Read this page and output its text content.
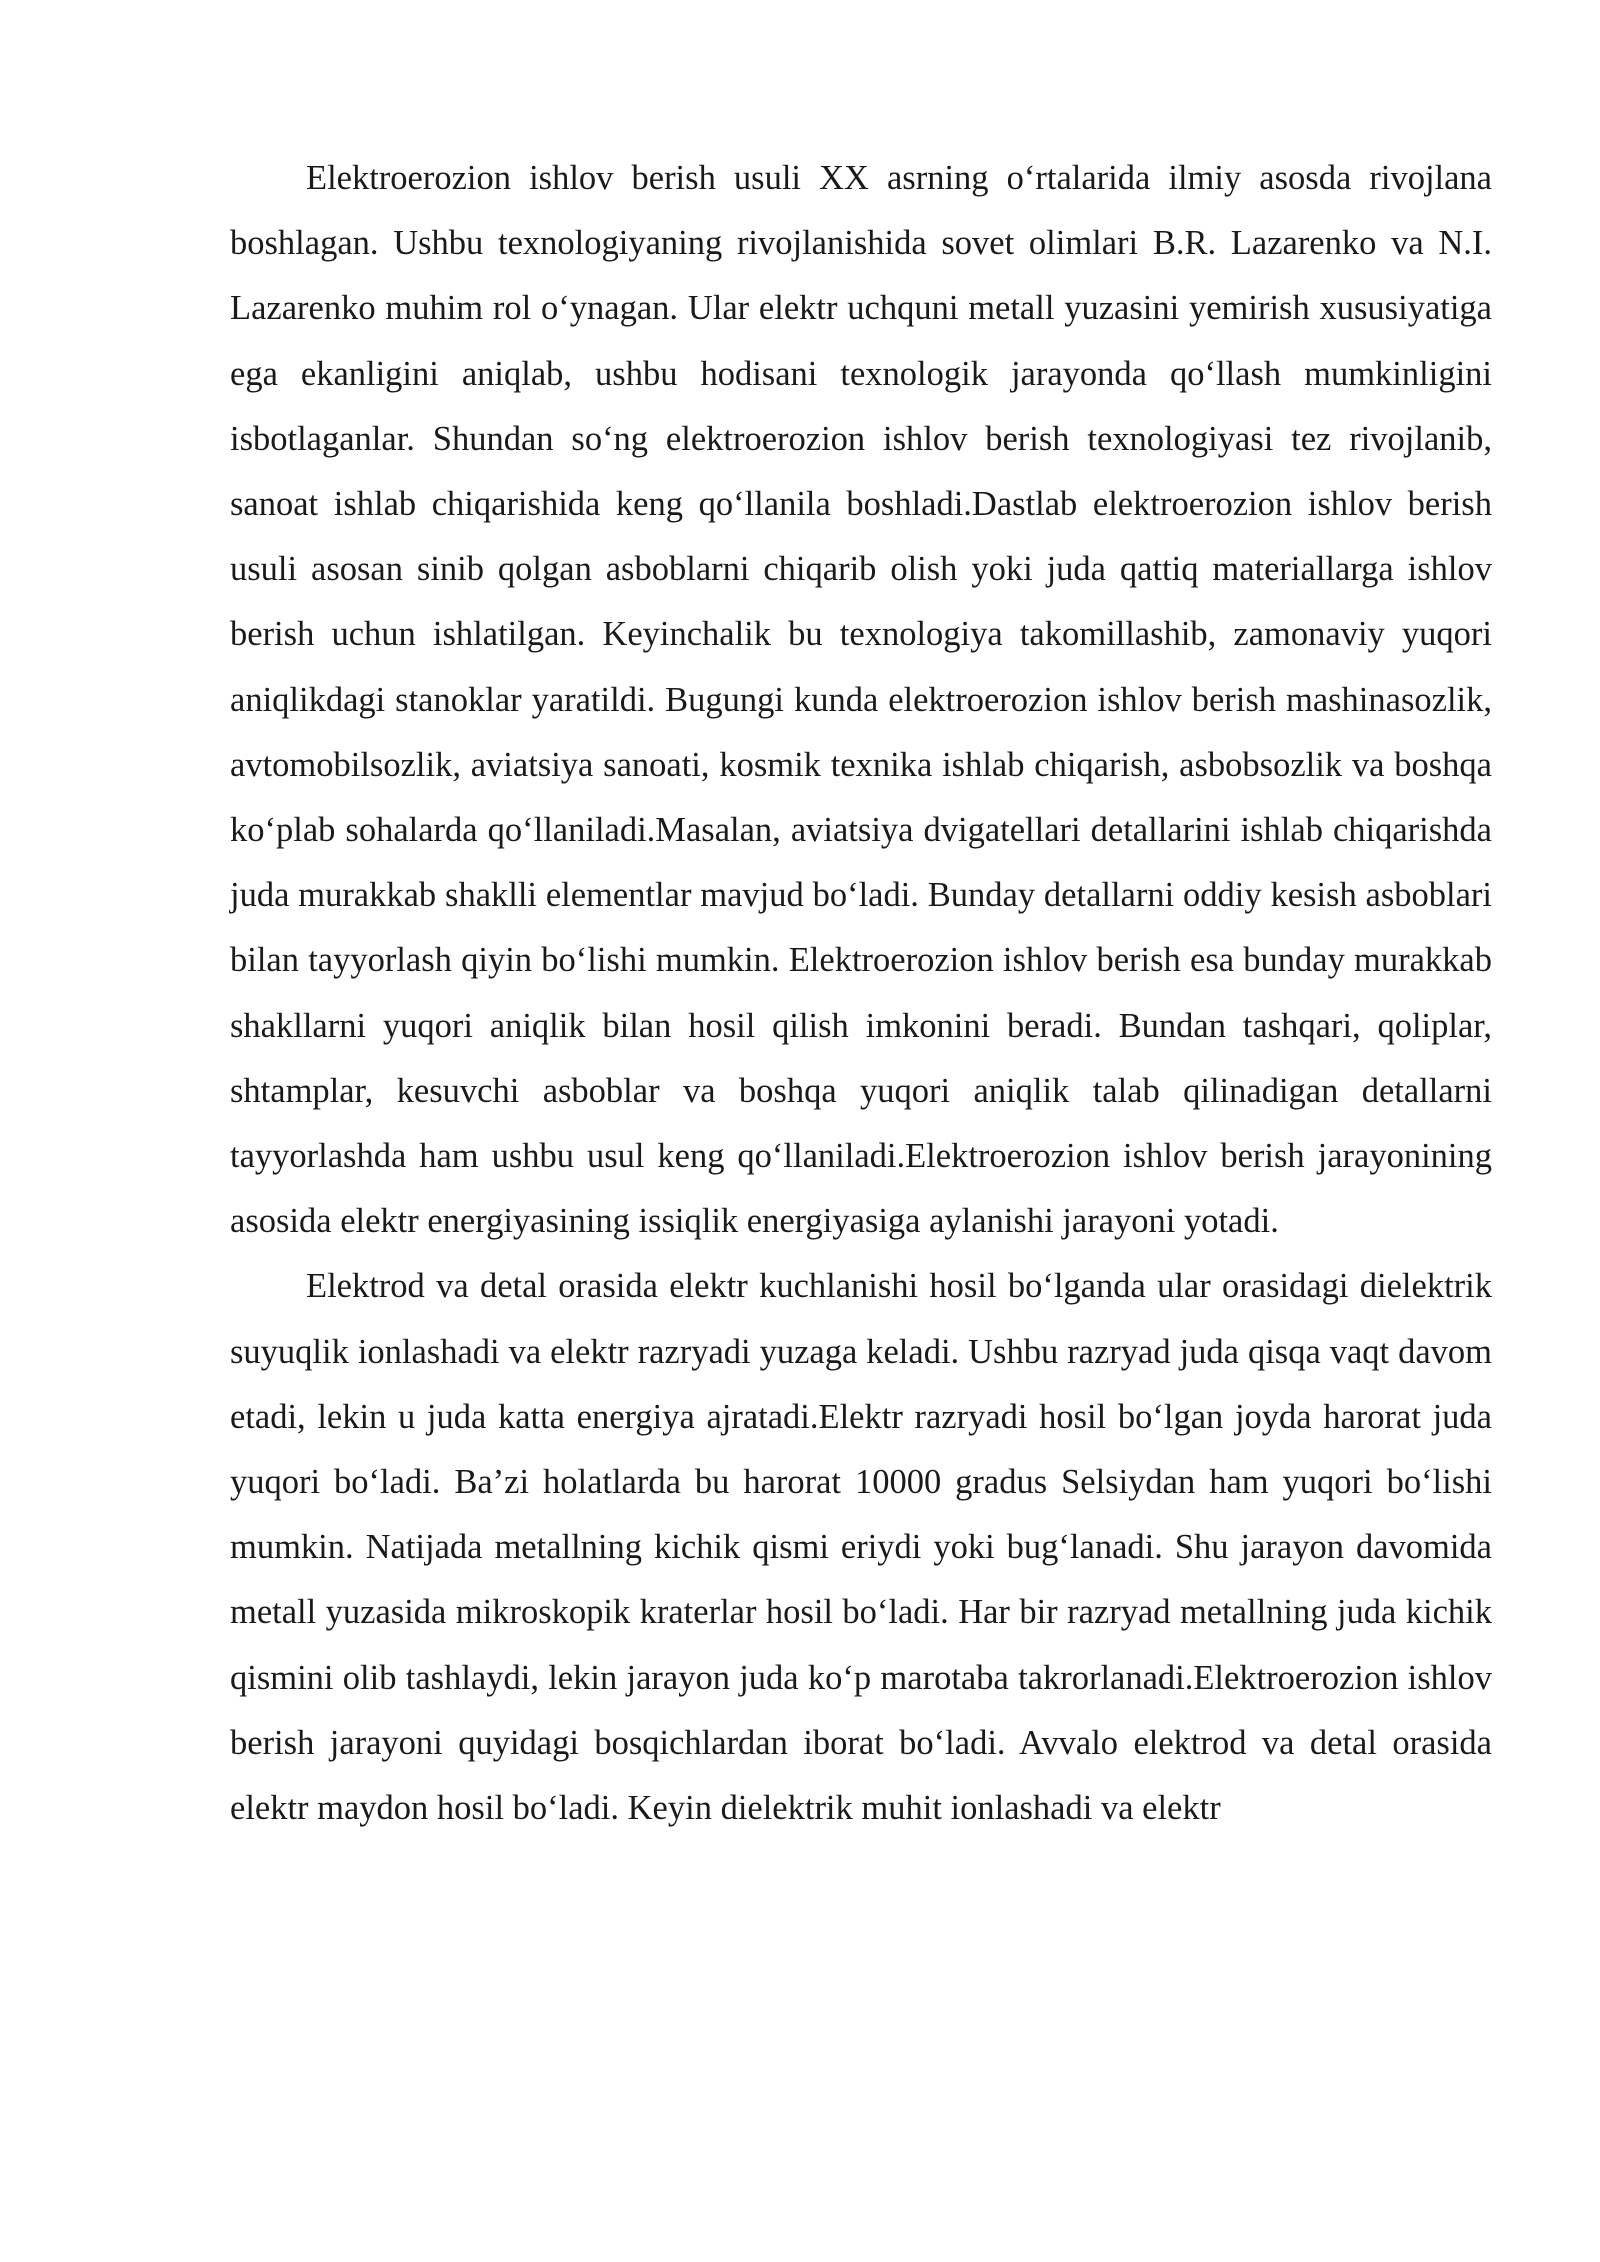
Elektroerozion ishlov berish usuli XX asrning o‘rtalarida ilmiy asosda rivojlana boshlagan. Ushbu texnologiyaning rivojlanishida sovet olimlari B.R. Lazarenko va N.I. Lazarenko muhim rol o‘ynagan. Ular elektr uchquni metall yuzasini yemirish xususiyatiga ega ekanligini aniqlab, ushbu hodisani texnologik jarayonda qo‘llash mumkinligini isbotlaganlar. Shundan so‘ng elektroerozion ishlov berish texnologiyasi tez rivojlanib, sanoat ishlab chiqarishida keng qo‘llanila boshladi.Dastlab elektroerozion ishlov berish usuli asosan sinib qolgan asboblarni chiqarib olish yoki juda qattiq materiallarga ishlov berish uchun ishlatilgan. Keyinchalik bu texnologiya takomillashib, zamonaviy yuqori aniqlikdagi stanoklar yaratildi. Bugungi kunda elektroerozion ishlov berish mashinasozlik, avtomobilsozlik, aviatsiya sanoati, kosmik texnika ishlab chiqarish, asbobsozlik va boshqa ko‘plab sohalarda qo‘llaniladi.Masalan, aviatsiya dvigatellari detallarini ishlab chiqarishda juda murakkab shaklli elementlar mavjud bo‘ladi. Bunday detallarni oddiy kesish asboblari bilan tayyorlash qiyin bo‘lishi mumkin. Elektroerozion ishlov berish esa bunday murakkab shakllarni yuqori aniqlik bilan hosil qilish imkonini beradi. Bundan tashqari, qoliplar, shtamplar, kesuvchi asboblar va boshqa yuqori aniqlik talab qilinadigan detallarni tayyorlashda ham ushbu usul keng qo‘llaniladi.Elektroerozion ishlov berish jarayonining asosida elektr energiyasining issiqlik energiyasiga aylanishi jarayoni yotadi.

Elektrod va detal orasida elektr kuchlanishi hosil bo‘lganda ular orasidagi dielektrik suyuqlik ionlashadi va elektr razryadi yuzaga keladi. Ushbu razryad juda qisqa vaqt davom etadi, lekin u juda katta energiya ajratadi.Elektr razryadi hosil bo‘lgan joyda harorat juda yuqori bo‘ladi. Ba’zi holatlarda bu harorat 10000 gradus Selsiydan ham yuqori bo‘lishi mumkin. Natijada metallning kichik qismi eriydi yoki bug‘lanadi. Shu jarayon davomida metall yuzasida mikroskopik kraterlar hosil bo‘ladi. Har bir razryad metallning juda kichik qismini olib tashlaydi, lekin jarayon juda ko‘p marotaba takrorlanadi.Elektroerozion ishlov berish jarayoni quyidagi bosqichlardan iborat bo‘ladi. Avvalo elektrod va detal orasida elektr maydon hosil bo‘ladi. Keyin dielektrik muhit ionlashadi va elektr
